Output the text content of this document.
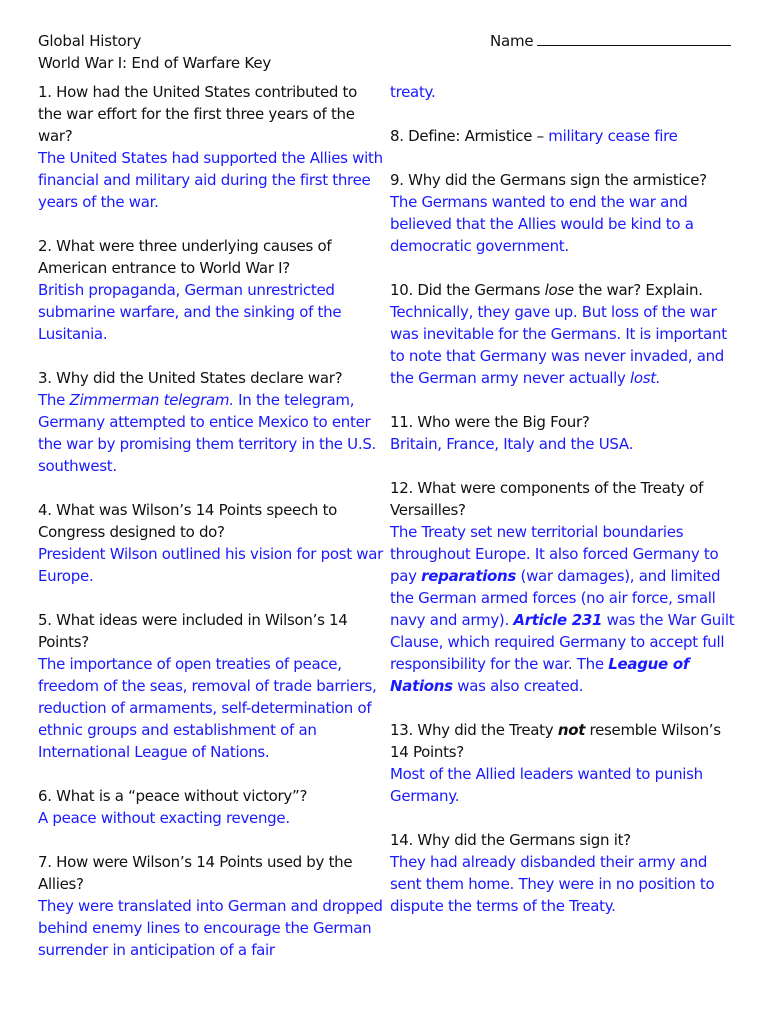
Global History
World War I: End of Warfare Key
Name

1. How had the United States contributed to the war effort for the first three years of the war?

The United States had supported the Allies with financial and military aid during the first three years of the war.

2. What were three underlying causes of American entrance to World War I?

British propaganda, German unrestricted submarine warfare, and the sinking of the Lusitania.

3. Why did the United States declare war?

The Zimmerman telegram. In the telegram, Germany attempted to entice Mexico to enter the war by promising them territory in the U.S. southwest.

4. What was Wilson’s 14 Points speech to Congress designed to do?

President Wilson outlined his vision for post war Europe.

5. What ideas were included in Wilson’s 14 Points?

The importance of open treaties of peace, freedom of the seas, removal of trade barriers, reduction of armaments, self-determination of ethnic groups and establishment of an International League of Nations.

6. What is a “peace without victory”?

A peace without exacting revenge.

7. How were Wilson’s 14 Points used by the Allies?

They were translated into German and dropped behind enemy lines to encourage the German surrender in anticipation of a fair

treaty.

8. Define: Armistice – military cease fire

9. Why did the Germans sign the armistice?

The Germans wanted to end the war and believed that the Allies would be kind to a democratic government.

10. Did the Germans lose the war? Explain.

Technically, they gave up. But loss of the war was inevitable for the Germans. It is important to note that Germany was never invaded, and the German army never actually lost.

11. Who were the Big Four?

Britain, France, Italy and the USA.

12. What were components of the Treaty of Versailles?

The Treaty set new territorial boundaries throughout Europe. It also forced Germany to pay reparations (war damages), and limited the German armed forces (no air force, small navy and army). Article 231 was the War Guilt Clause, which required Germany to accept full responsibility for the war. The League of Nations was also created.

13. Why did the Treaty not resemble Wilson’s 14 Points?

Most of the Allied leaders wanted to punish Germany.

14. Why did the Germans sign it?

They had already disbanded their army and sent them home. They were in no position to dispute the terms of the Treaty.
